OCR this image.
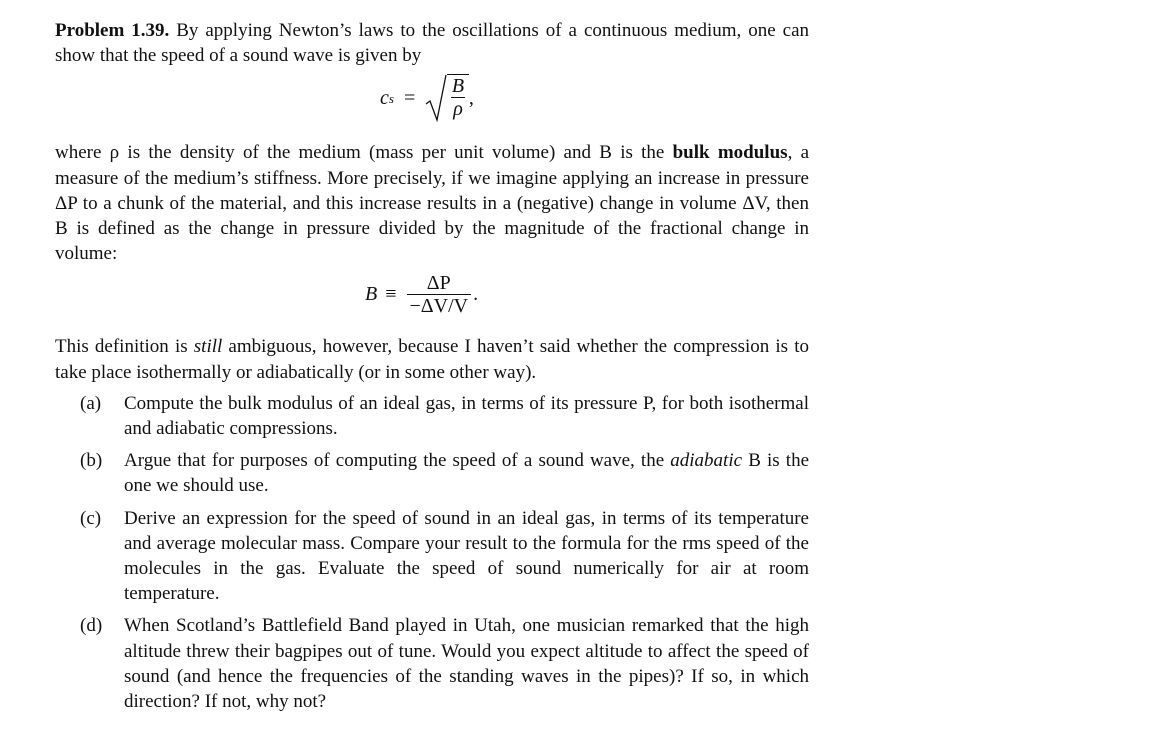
Problem 1.39. By applying Newton’s laws to the oscillations of a continuous medium, one can show that the speed of a sound wave is given by

c $s = \frac{B}{\rho}$ ,

where ρ is the density of the medium (mass per unit volume) and B is the bulk modulus, a measure of the medium’s stiffness. More precisely, if we imagine applying an increase in pressure ΔP to a chunk of the material, and this increase results in a (negative) change in volume ΔV, then B is defined as the change in pressure divided by the magnitude of the fractional change in volume:

$B \equiv \frac{\Delta P}{-\Delta V/V}$ .

This definition is still ambiguous, however, because I haven’t said whether the compression is to take place isothermally or adiabatically (or in some other way).

(a)	Compute the bulk modulus of an ideal gas, in terms of its pressure P, for both isothermal and adiabatic compressions.
(b)	Argue that for purposes of computing the speed of a sound wave, the adiabatic B is the one we should use.
(c)	Derive an expression for the speed of sound in an ideal gas, in terms of its temperature and average molecular mass. Compare your result to the formula for the rms speed of the molecules in the gas. Evaluate the speed of sound numerically for air at room temperature.
(d)	When Scotland’s Battlefield Band played in Utah, one musician remarked that the high altitude threw their bagpipes out of tune. Would you expect altitude to affect the speed of sound (and hence the frequencies of the standing waves in the pipes)? If so, in which direction? If not, why not?
